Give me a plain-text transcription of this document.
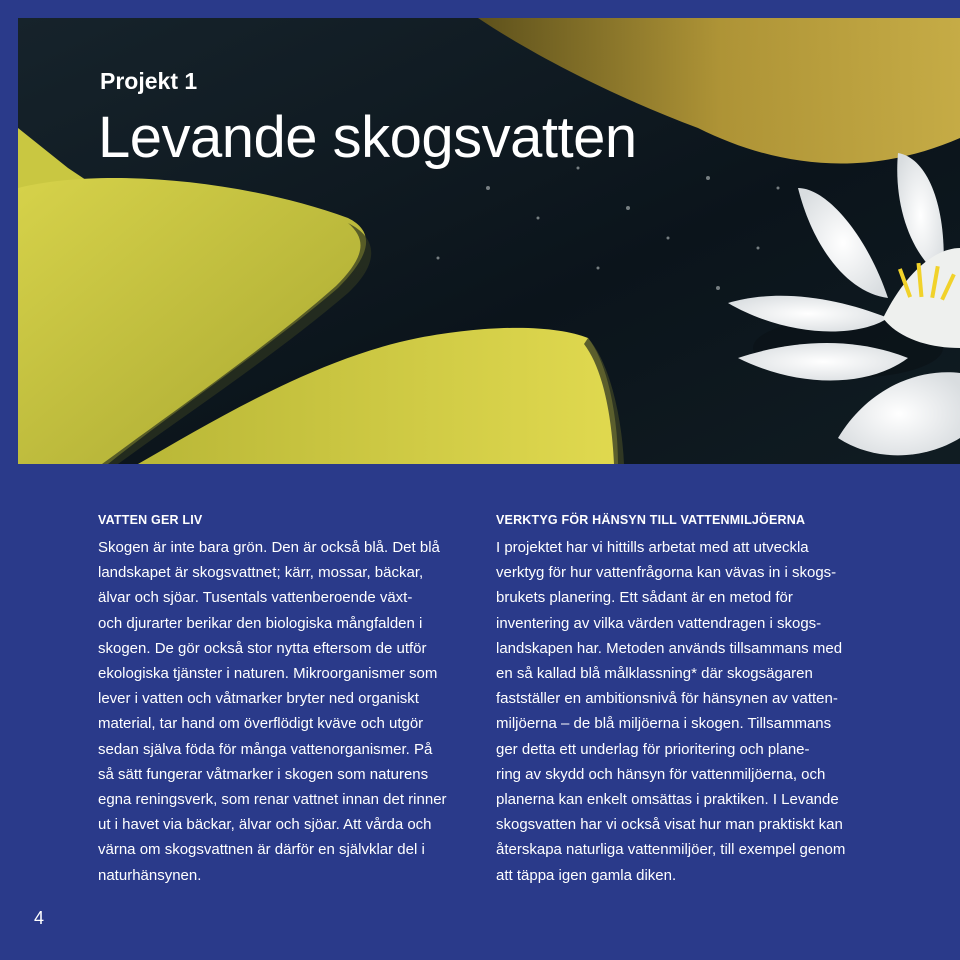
Projekt 1
Levande skogsvatten
VATTEN GER LIV
Skogen är inte bara grön. Den är också blå. Det blå
landskapet är skogsvattnet; kärr, mossar, bäckar,
älvar och sjöar. Tusentals vattenberoende växt-
och djurarter berikar den biologiska mångfalden i
skogen. De gör också stor nytta eftersom de utför
ekologiska tjänster i naturen. Mikroorganismer som
lever i vatten och våtmarker bryter ned organiskt
material, tar hand om överflödigt kväve och utgör
sedan själva föda för många vattenorganismer. På
så sätt fungerar våtmarker i skogen som naturens
egna reningsverk, som renar vattnet innan det rinner
ut i havet via bäckar, älvar och sjöar. Att vårda och
värna om skogsvattnen är därför en självklar del i
naturhänsynen.
VERKTYG FÖR HÄNSYN TILL VATTENMILJÖERNA
I projektet har vi hittills arbetat med att utveckla
verktyg för hur vattenfrågorna kan vävas in i skogs-
brukets planering. Ett sådant är en metod för
inventering av vilka värden vattendragen i skogs-
landskapen har. Metoden används tillsammans med
en så kallad blå målklassning* där skogsägaren
fastställer en ambitionsnivå för hänsynen av vatten-
miljöerna – de blå miljöerna i skogen. Tillsammans
ger detta ett underlag för prioritering och plane-
ring av skydd och hänsyn för vattenmiljöerna, och
planerna kan enkelt omsättas i praktiken. I Levande
skogsvatten har vi också visat hur man praktiskt kan
återskapa naturliga vattenmiljöer, till exempel genom
att täppa igen gamla diken.
4
